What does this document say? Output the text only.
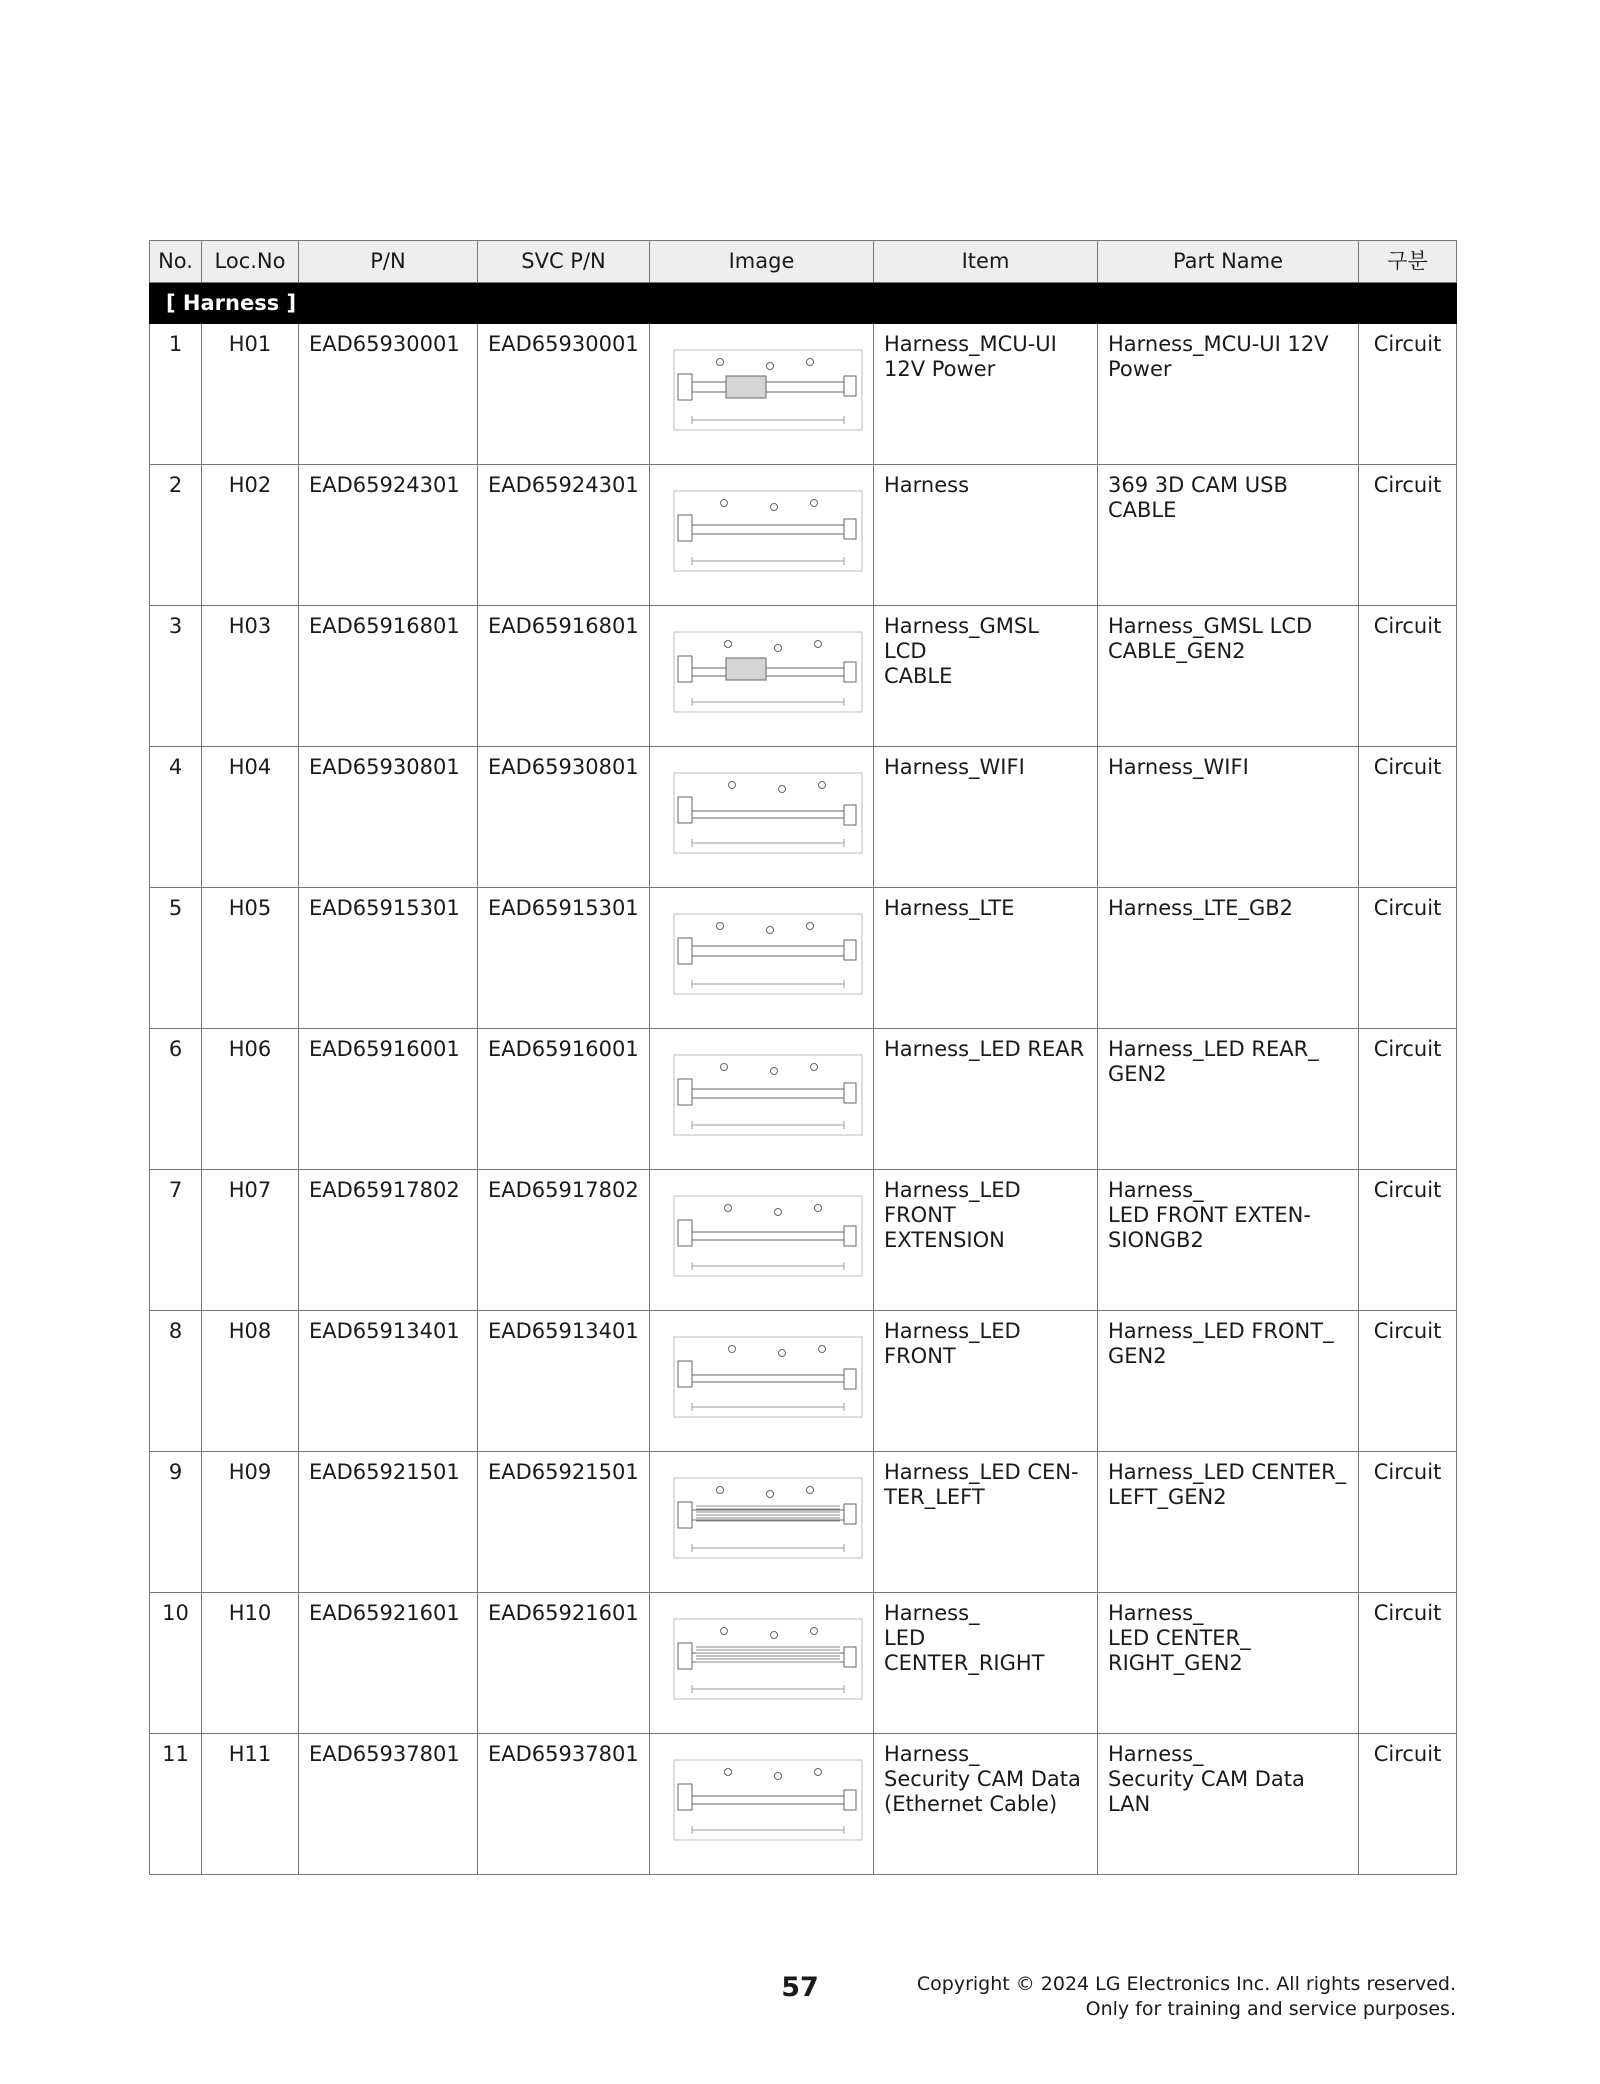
No.	Loc.No	P/N	SVC P/N	Image	Item	Part Name	구분
[ Harness ]							
1	H01	EAD65930001	EAD65930001		Harness_MCU-UI
12V Power	Harness_MCU-UI 12V
Power	Circuit
2	H02	EAD65924301	EAD65924301		Harness	369 3D CAM USB
CABLE	Circuit
3	H03	EAD65916801	EAD65916801		Harness_GMSL LCD
CABLE	Harness_GMSL LCD
CABLE_GEN2	Circuit
4	H04	EAD65930801	EAD65930801		Harness_WIFI	Harness_WIFI	Circuit
5	H05	EAD65915301	EAD65915301		Harness_LTE	Harness_LTE_GB2	Circuit
6	H06	EAD65916001	EAD65916001		Harness_LED REAR	Harness_LED REAR_
GEN2	Circuit
7	H07	EAD65917802	EAD65917802		Harness_LED FRONT
EXTENSION	Harness_
LED FRONT EXTEN-
SIONGB2	Circuit
8	H08	EAD65913401	EAD65913401		Harness_LED FRONT	Harness_LED FRONT_
GEN2	Circuit
9	H09	EAD65921501	EAD65921501		Harness_LED CEN-
TER_LEFT	Harness_LED CENTER_
LEFT_GEN2	Circuit
10	H10	EAD65921601	EAD65921601		Harness_
LED CENTER_RIGHT	Harness_
LED CENTER_
RIGHT_GEN2	Circuit
11	H11	EAD65937801	EAD65937801		Harness_
Security CAM Data
(Ethernet Cable)	Harness_
Security CAM Data LAN	Circuit
57	Copyright © 2024 LG Electronics Inc. All rights reserved.
Only for training and service purposes.
